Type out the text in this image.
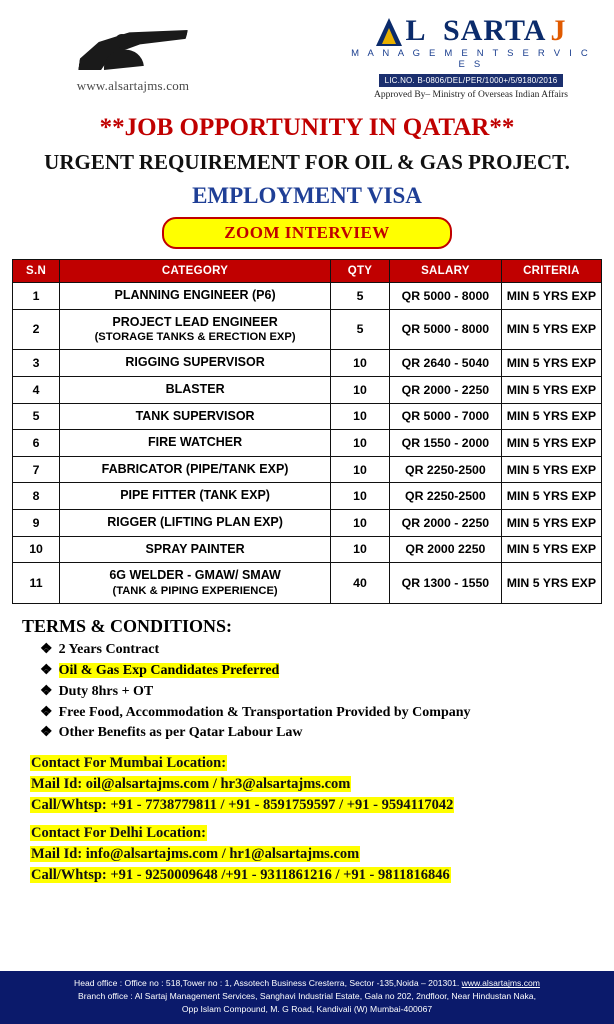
www.alsartajms.com
L
SARTA J
M A N A G E M E N T S E R V I C E S
LIC.NO. B-0806/DEL/PER/1000+/5/9180/2016
Approved By– Ministry of Overseas Indian Affairs
**JOB OPPORTUNITY IN QATAR**
URGENT REQUIREMENT FOR OIL & GAS PROJECT.
EMPLOYMENT VISA
ZOOM INTERVIEW
S.N	CATEGORY	QTY	SALARY	CRITERIA
1	PLANNING ENGINEER (P6)	5	QR 5000 - 8000	MIN 5 YRS EXP
2	PROJECT LEAD ENGINEER
(STORAGE TANKS & ERECTION EXP)	5	QR 5000 - 8000	MIN 5 YRS EXP
3	RIGGING SUPERVISOR	10	QR 2640 - 5040	MIN 5 YRS EXP
4	BLASTER	10	QR 2000 - 2250	MIN 5 YRS EXP
5	TANK SUPERVISOR	10	QR 5000 - 7000	MIN 5 YRS EXP
6	FIRE WATCHER	10	QR 1550 - 2000	MIN 5 YRS EXP
7	FABRICATOR (PIPE/TANK EXP)	10	QR 2250-2500	MIN 5 YRS EXP
8	PIPE FITTER (TANK EXP)	10	QR 2250-2500	MIN 5 YRS EXP
9	RIGGER (LIFTING PLAN EXP)	10	QR 2000 - 2250	MIN 5 YRS EXP
10	SPRAY PAINTER	10	QR 2000 2250	MIN 5 YRS EXP
11	6G WELDER - GMAW/ SMAW
(TANK & PIPING EXPERIENCE)	40	QR 1300 - 1550	MIN 5 YRS EXP
TERMS & CONDITIONS:
❖ 2 Years Contract
❖ Oil & Gas Exp Candidates Preferred
❖ Duty 8hrs + OT
❖ Free Food, Accommodation & Transportation Provided by Company
❖ Other Benefits as per Qatar Labour Law
Contact For Mumbai Location:
Mail Id: oil@alsartajms.com / hr3@alsartajms.com
Call/Whtsp: +91 - 7738779811 / +91 - 8591759597 / +91 - 9594117042
Contact For Delhi Location:
Mail Id: info@alsartajms.com / hr1@alsartajms.com
Call/Whtsp: +91 - 9250009648 /+91 - 9311861216 / +91 - 9811816846
Head office : Office no : 518,Tower no : 1, Assotech Business Cresterra, Sector -135,Noida – 201301. www.alsartajms.com
Branch office : Al Sartaj Management Services, Sanghavi Industrial Estate, Gala no 202, 2ndfloor, Near Hindustan Naka,
Opp Islam Compound, M. G Road, Kandivali (W) Mumbai-400067
